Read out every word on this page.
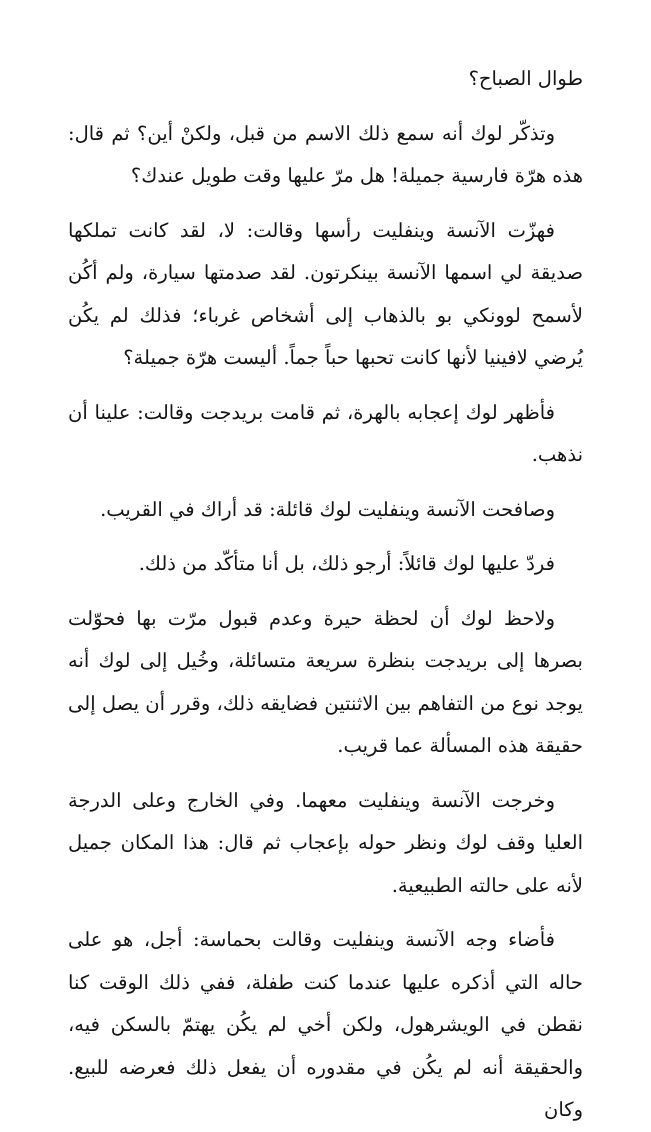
طوال الصباح؟

وتذكّر لوك أنه سمع ذلك الاسم من قبل، ولكنْ أين؟ ثم قال: هذه هرّة فارسية جميلة! هل مرّ عليها وقت طويل عندك؟

فهزّت الآنسة وينفليت رأسها وقالت: لا، لقد كانت تملكها صديقة لي اسمها الآنسة بينكرتون. لقد صدمتها سيارة، ولم أكُن لأسمح لوونكي بو بالذهاب إلى أشخاص غرباء؛ فذلك لم يكُن يُرضي لافينيا لأنها كانت تحبها حباً جماً. أليست هرّة جميلة؟

فأظهر لوك إعجابه بالهرة، ثم قامت بريدجت وقالت: علينا أن نذهب.

وصافحت الآنسة وينفليت لوك قائلة: قد أراك في القريب.

فردّ عليها لوك قائلاً: أرجو ذلك، بل أنا متأكّد من ذلك.

ولاحظ لوك أن لحظة حيرة وعدم قبول مرّت بها فحوّلت بصرها إلى بريدجت بنظرة سريعة متسائلة، وخُيل إلى لوك أنه يوجد نوع من التفاهم بين الاثنتين فضايقه ذلك، وقرر أن يصل إلى حقيقة هذه المسألة عما قريب.

وخرجت الآنسة وينفليت معهما. وفي الخارج وعلى الدرجة العليا وقف لوك ونظر حوله بإعجاب ثم قال: هذا المكان جميل لأنه على حالته الطبيعية.

فأضاء وجه الآنسة وينفليت وقالت بحماسة: أجل، هو على حاله التي أذكره عليها عندما كنت طفلة، ففي ذلك الوقت كنا نقطن في الويشرهول، ولكن أخي لم يكُن يهتمّ بالسكن فيه، والحقيقة أنه لم يكُن في مقدوره أن يفعل ذلك فعرضه للبيع. وكان
